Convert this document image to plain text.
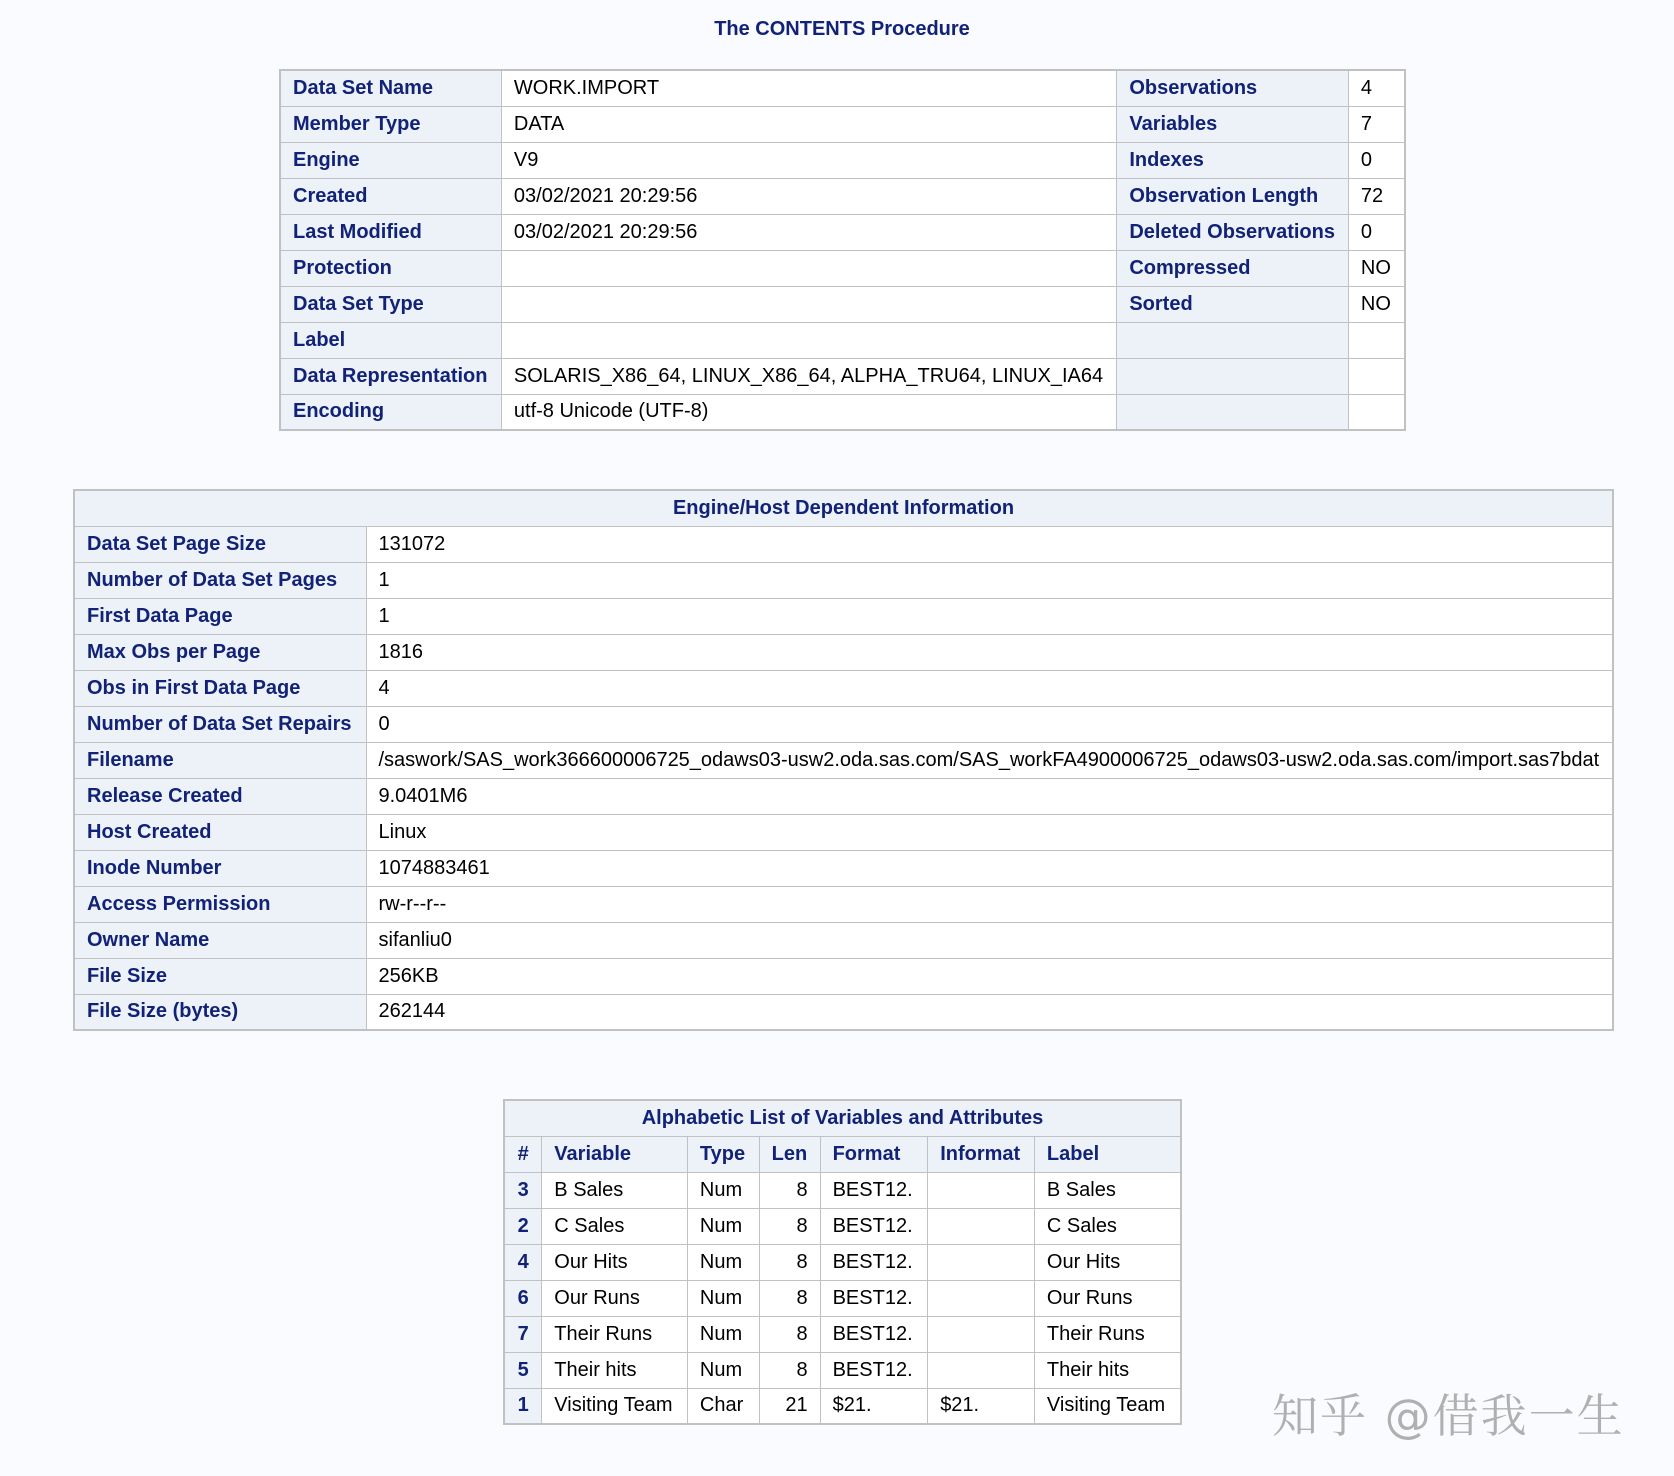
The CONTENTS Procedure
Data Set Name	WORK.IMPORT	Observations	4
Member Type	DATA	Variables	7
Engine	V9	Indexes	0
Created	03/02/2021 20:29:56	Observation Length	72
Last Modified	03/02/2021 20:29:56	Deleted Observations	0
Protection		Compressed	NO
Data Set Type		Sorted	NO
Label			
Data Representation	SOLARIS_X86_64, LINUX_X86_64, ALPHA_TRU64, LINUX_IA64		
Encoding	utf-8 Unicode (UTF-8)		
Engine/Host Dependent Information	
Data Set Page Size	131072
Number of Data Set Pages	1
First Data Page	1
Max Obs per Page	1816
Obs in First Data Page	4
Number of Data Set Repairs	0
Filename	/saswork/SAS_work366600006725_odaws03-usw2.oda.sas.com/SAS_workFA4900006725_odaws03-usw2.oda.sas.com/import.sas7bdat
Release Created	9.0401M6
Host Created	Linux
Inode Number	1074883461
Access Permission	rw-r--r--
Owner Name	sifanliu0
File Size	256KB
File Size (bytes)	262144
Alphabetic List of Variables and Attributes						
#	Variable	Type	Len	Format	Informat	Label
3	B Sales	Num	8	BEST12.		B Sales
2	C Sales	Num	8	BEST12.		C Sales
4	Our Hits	Num	8	BEST12.		Our Hits
6	Our Runs	Num	8	BEST12.		Our Runs
7	Their Runs	Num	8	BEST12.		Their Runs
5	Their hits	Num	8	BEST12.		Their hits
1	Visiting Team	Char	21	$21.	$21.	Visiting Team 知乎 @借我一生
